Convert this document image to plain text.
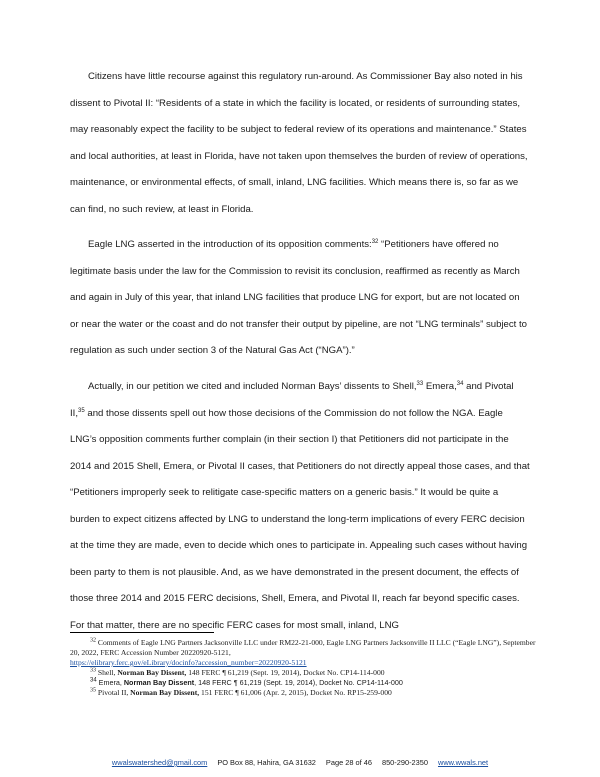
Citizens have little recourse against this regulatory run-around. As Commissioner Bay also noted in his dissent to Pivotal II: “Residents of a state in which the facility is located, or residents of surrounding states, may reasonably expect the facility to be subject to federal review of its operations and maintenance.” States and local authorities, at least in Florida, have not taken upon themselves the burden of review of operations, maintenance, or environmental effects, of small, inland, LNG facilities. Which means there is, so far as we can find, no such review, at least in Florida.

Eagle LNG asserted in the introduction of its opposition comments:$^{32}$ “Petitioners have offered no legitimate basis under the law for the Commission to revisit its conclusion, reaffirmed as recently as March and again in July of this year, that inland LNG facilities that produce LNG for export, but are not located on or near the water or the coast and do not transfer their output by pipeline, are not “LNG terminals” subject to regulation as such under section 3 of the Natural Gas Act (“NGA”).”

Actually, in our petition we cited and included Norman Bays’ dissents to Shell,$^{33}$ Emera,$^{34}$ and Pivotal II,$^{35}$ and those dissents spell out how those decisions of the Commission do not follow the NGA. Eagle LNG’s opposition comments further complain (in their section I) that Petitioners did not participate in the 2014 and 2015 Shell, Emera, or Pivotal II cases, that Petitioners do not directly appeal those cases, and that “Petitioners improperly seek to relitigate case-specific matters on a generic basis.” It would be quite a burden to expect citizens affected by LNG to understand the long-term implications of every FERC decision at the time they are made, even to decide which ones to participate in. Appealing such cases without having been party to them is not plausible. And, as we have demonstrated in the present document, the effects of those three 2014 and 2015 FERC decisions, Shell, Emera, and Pivotal II, reach far beyond specific cases. For that matter, there are no specific FERC cases for most small, inland, LNG

$^{32}$ Comments of Eagle LNG Partners Jacksonville LLC under RM22-21-000, Eagle LNG Partners Jacksonville II LLC (“Eagle LNG”), September 20, 2022, FERC Accession Number 20220920-5121,
https://elibrary.ferc.gov/eLibrary/docinfo?accession_number=20220920-5121

$^{33}$ Shell, Norman Bay Dissent, 148 FERC ¶ 61,219 (Sept. 19, 2014), Docket No. CP14-114-000

$^{34}$ Emera, Norman Bay Dissent, 148 FERC ¶ 61,219 (Sept. 19, 2014), Docket No. CP14-114-000

$^{35}$ Pivotal II, Norman Bay Dissent, 151 FERC ¶ 61,006 (Apr. 2, 2015), Docket No. RP15-259-000

wwalswatershed@gmail.com PO Box 88, Hahira, GA 31632 Page 28 of 46 850-290-2350 www.wwals.net
